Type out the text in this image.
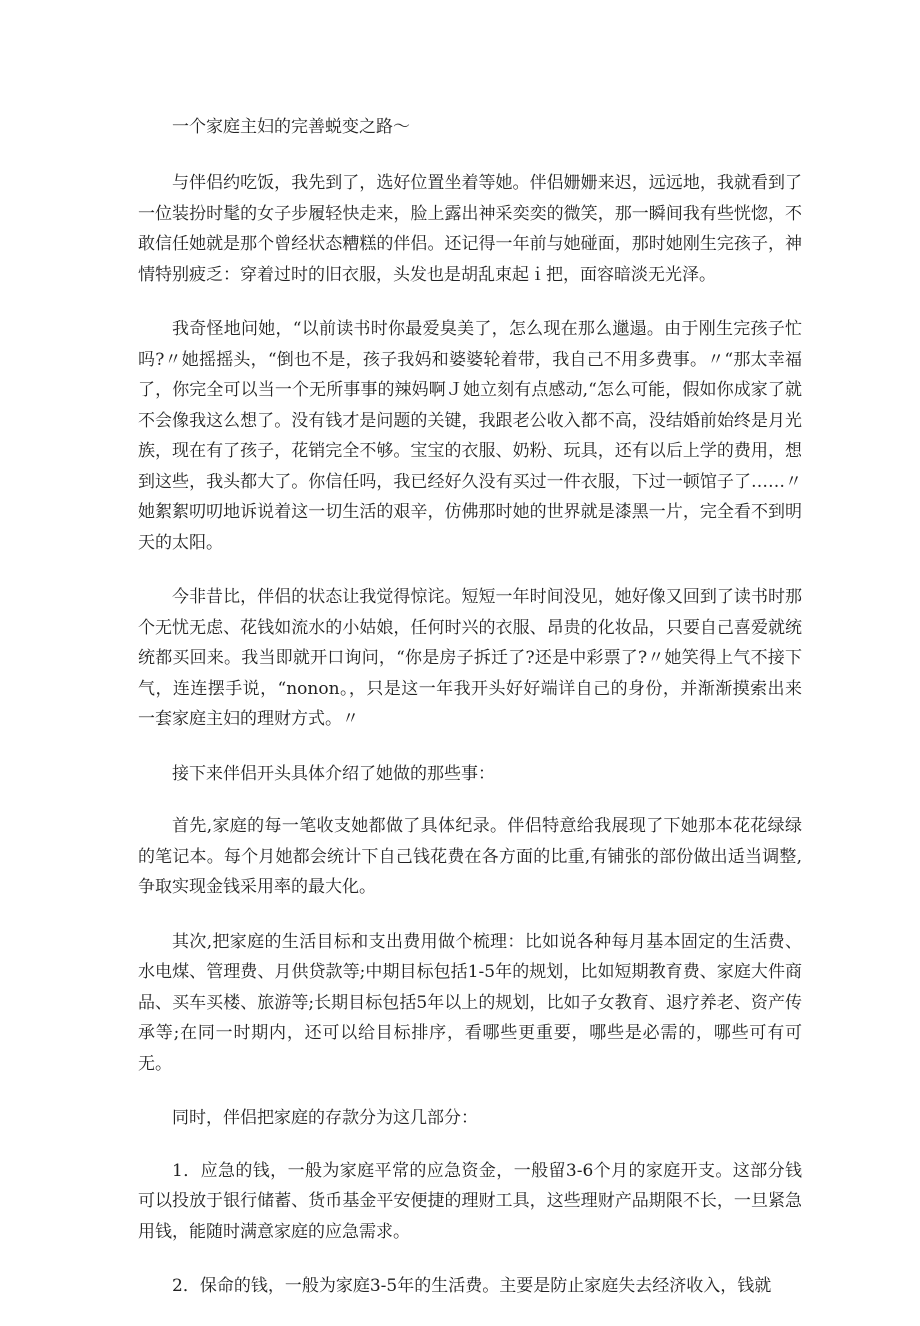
一个家庭主妇的完善蜕变之路～

与伴侣约吃饭，我先到了，选好位置坐着等她。伴侣姗姗来迟，远远地，我就看到了一位装扮时髦的女子步履轻快走来，脸上露出神采奕奕的微笑，那一瞬间我有些恍惚，不敢信任她就是那个曾经状态糟糕的伴侣。还记得一年前与她碰面，那时她刚生完孩子，神情特别疲乏：穿着过时的旧衣服，头发也是胡乱束起ｉ把，面容暗淡无光泽。

我奇怪地问她，“以前读书时你最爱臭美了，怎么现在那么邋遢。由于刚生完孩子忙吗?〃她摇摇头，“倒也不是，孩子我妈和婆婆轮着带，我自己不用多费事。〃“那太幸福了，你完全可以当一个无所事事的辣妈啊Ｊ她立刻有点感动,“怎么可能，假如你成家了就不会像我这么想了。没有钱才是问题的关键，我跟老公收入都不高，没结婚前始终是月光族，现在有了孩子，花销完全不够。宝宝的衣服、奶粉、玩具，还有以后上学的费用，想到这些，我头都大了。你信任吗，我已经好久没有买过一件衣服，下过一顿馆子了……〃她絮絮叨叨地诉说着这一切生活的艰辛，仿佛那时她的世界就是漆黑一片，完全看不到明天的太阳。

今非昔比，伴侣的状态让我觉得惊诧。短短一年时间没见，她好像又回到了读书时那个无忧无虑、花钱如流水的小姑娘，任何时兴的衣服、昂贵的化妆品，只要自己喜爱就统统都买回来。我当即就开口询问，“你是房子拆迁了?还是中彩票了?〃她笑得上气不接下气，连连摆手说，“nonon。，只是这一年我开头好好端详自己的身份，并渐渐摸索出来一套家庭主妇的理财方式。〃

接下来伴侣开头具体介绍了她做的那些事：

首先,家庭的每一笔收支她都做了具体纪录。伴侣特意给我展现了下她那本花花绿绿的笔记本。每个月她都会统计下自己钱花费在各方面的比重,有铺张的部份做出适当调整,争取实现金钱采用率的最大化。

其次,把家庭的生活目标和支出费用做个梳理：比如说各种每月基本固定的生活费、水电煤、管理费、月供贷款等;中期目标包括1-5年的规划，比如短期教育费、家庭大件商品、买车买楼、旅游等;长期目标包括5年以上的规划，比如子女教育、退疗养老、资产传承等;在同一时期内，还可以给目标排序，看哪些更重要，哪些是必需的，哪些可有可无。

同时，伴侣把家庭的存款分为这几部分：

1．应急的钱，一般为家庭平常的应急资金，一般留3-6个月的家庭开支。这部分钱可以投放于银行储蓄、货币基金平安便捷的理财工具，这些理财产品期限不长，一旦紧急用钱，能随时满意家庭的应急需求。

2．保命的钱，一般为家庭3-5年的生活费。主要是防止家庭失去经济收入，钱就
